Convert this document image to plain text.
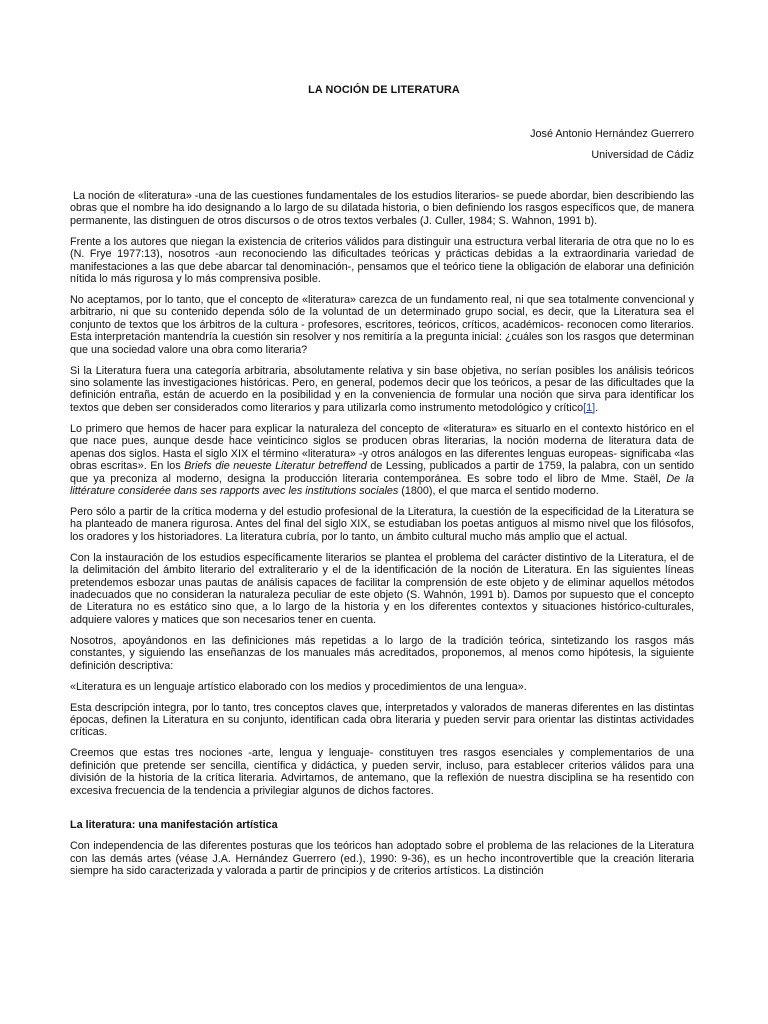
LA NOCIÓN DE LITERATURA

José Antonio Hernández Guerrero

Universidad de Cádiz

La noción de «literatura» -una de las cuestiones fundamentales de los estudios literarios- se puede abordar, bien describiendo las obras que el nombre ha ido designando a lo largo de su dilatada historia, o bien definiendo los rasgos específicos que, de manera permanente, las distinguen de otros discursos o de otros textos verbales (J. Culler, 1984; S. Wahnon, 1991 b).

Frente a los autores que niegan la existencia de criterios válidos para distinguir una estructura verbal literaria de otra que no lo es (N. Frye 1977:13), nosotros -aun reconociendo las dificultades teóricas y prácticas debidas a la extraordinaria variedad de manifestaciones a las que debe abarcar tal denominación-, pensamos que el teórico tiene la obligación de elaborar una definición nítida lo más rigurosa y lo más comprensiva posible.

No aceptamos, por lo tanto, que el concepto de «literatura» carezca de un fundamento real, ni que sea totalmente convencional y arbitrario, ni que su contenido dependa sólo de la voluntad de un determinado grupo social, es decir, que la Literatura sea el conjunto de textos que los árbitros de la cultura - profesores, escritores, teóricos, críticos, académicos- reconocen como literarios. Esta interpretación mantendría la cuestión sin resolver y nos remitiría a la pregunta inicial: ¿cuáles son los rasgos que determinan que una sociedad valore una obra como literaria?

Si la Literatura fuera una categoría arbitraria, absolutamente relativa y sin base objetiva, no serían posibles los análisis teóricos sino solamente las investigaciones históricas. Pero, en general, podemos decir que los teóricos, a pesar de las dificultades que la definición entraña, están de acuerdo en la posibilidad y en la conveniencia de formular una noción que sirva para identificar los textos que deben ser considerados como literarios y para utilizarla como instrumento metodológico y crítico[1].

Lo primero que hemos de hacer para explicar la naturaleza del concepto de «literatura» es situarlo en el contexto histórico en el que nace pues, aunque desde hace veinticinco siglos se producen obras literarias, la noción moderna de literatura data de apenas dos siglos. Hasta el siglo XIX el término «literatura» -y otros análogos en las diferentes lenguas europeas- significaba «las obras escritas». En los Briefs die neueste Literatur betreffend de Lessing, publicados a partir de 1759, la palabra, con un sentido que ya preconiza al moderno, designa la producción literaria contemporánea. Es sobre todo el libro de Mme. Staël, De la littérature considerée dans ses rapports avec les institutions sociales (1800), el que marca el sentido moderno.

Pero sólo a partir de la crítica moderna y del estudio profesional de la Literatura, la cuestión de la especificidad de la Literatura se ha planteado de manera rigurosa. Antes del final del siglo XIX, se estudiaban los poetas antiguos al mismo nivel que los filósofos, los oradores y los historiadores. La literatura cubría, por lo tanto, un ámbito cultural mucho más amplio que el actual.

Con la instauración de los estudios específicamente literarios se plantea el problema del carácter distintivo de la Literatura, el de la delimitación del ámbito literario del extraliterario y el de la identificación de la noción de Literatura. En las siguientes líneas pretendemos esbozar unas pautas de análisis capaces de facilitar la comprensión de este objeto y de eliminar aquellos métodos inadecuados que no consideran la naturaleza peculiar de este objeto (S. Wahnón, 1991 b). Damos por supuesto que el concepto de Literatura no es estático sino que, a lo largo de la historia y en los diferentes contextos y situaciones histórico-culturales, adquiere valores y matices que son necesarios tener en cuenta.

Nosotros, apoyándonos en las definiciones más repetidas a lo largo de la tradición teórica, sintetizando los rasgos más constantes, y siguiendo las enseñanzas de los manuales más acreditados, proponemos, al menos como hipótesis, la siguiente definición descriptiva:

«Literatura es un lenguaje artístico elaborado con los medios y procedimientos de una lengua».

Esta descripción integra, por lo tanto, tres conceptos claves que, interpretados y valorados de maneras diferentes en las distintas épocas, definen la Literatura en su conjunto, identifican cada obra literaria y pueden servir para orientar las distintas actividades críticas.

Creemos que estas tres nociones -arte, lengua y lenguaje- constituyen tres rasgos esenciales y complementarios de una definición que pretende ser sencilla, científica y didáctica, y pueden servir, incluso, para establecer criterios válidos para una división de la historia de la crítica literaria. Advirtamos, de antemano, que la reflexión de nuestra disciplina se ha resentido con excesiva frecuencia de la tendencia a privilegiar algunos de dichos factores.

La literatura: una manifestación artística

Con independencia de las diferentes posturas que los teóricos han adoptado sobre el problema de las relaciones de la Literatura con las demás artes (véase J.A. Hernández Guerrero (ed.), 1990: 9-36), es un hecho incontrovertible que la creación literaria siempre ha sido caracterizada y valorada a partir de principios y de criterios artísticos. La distinción
